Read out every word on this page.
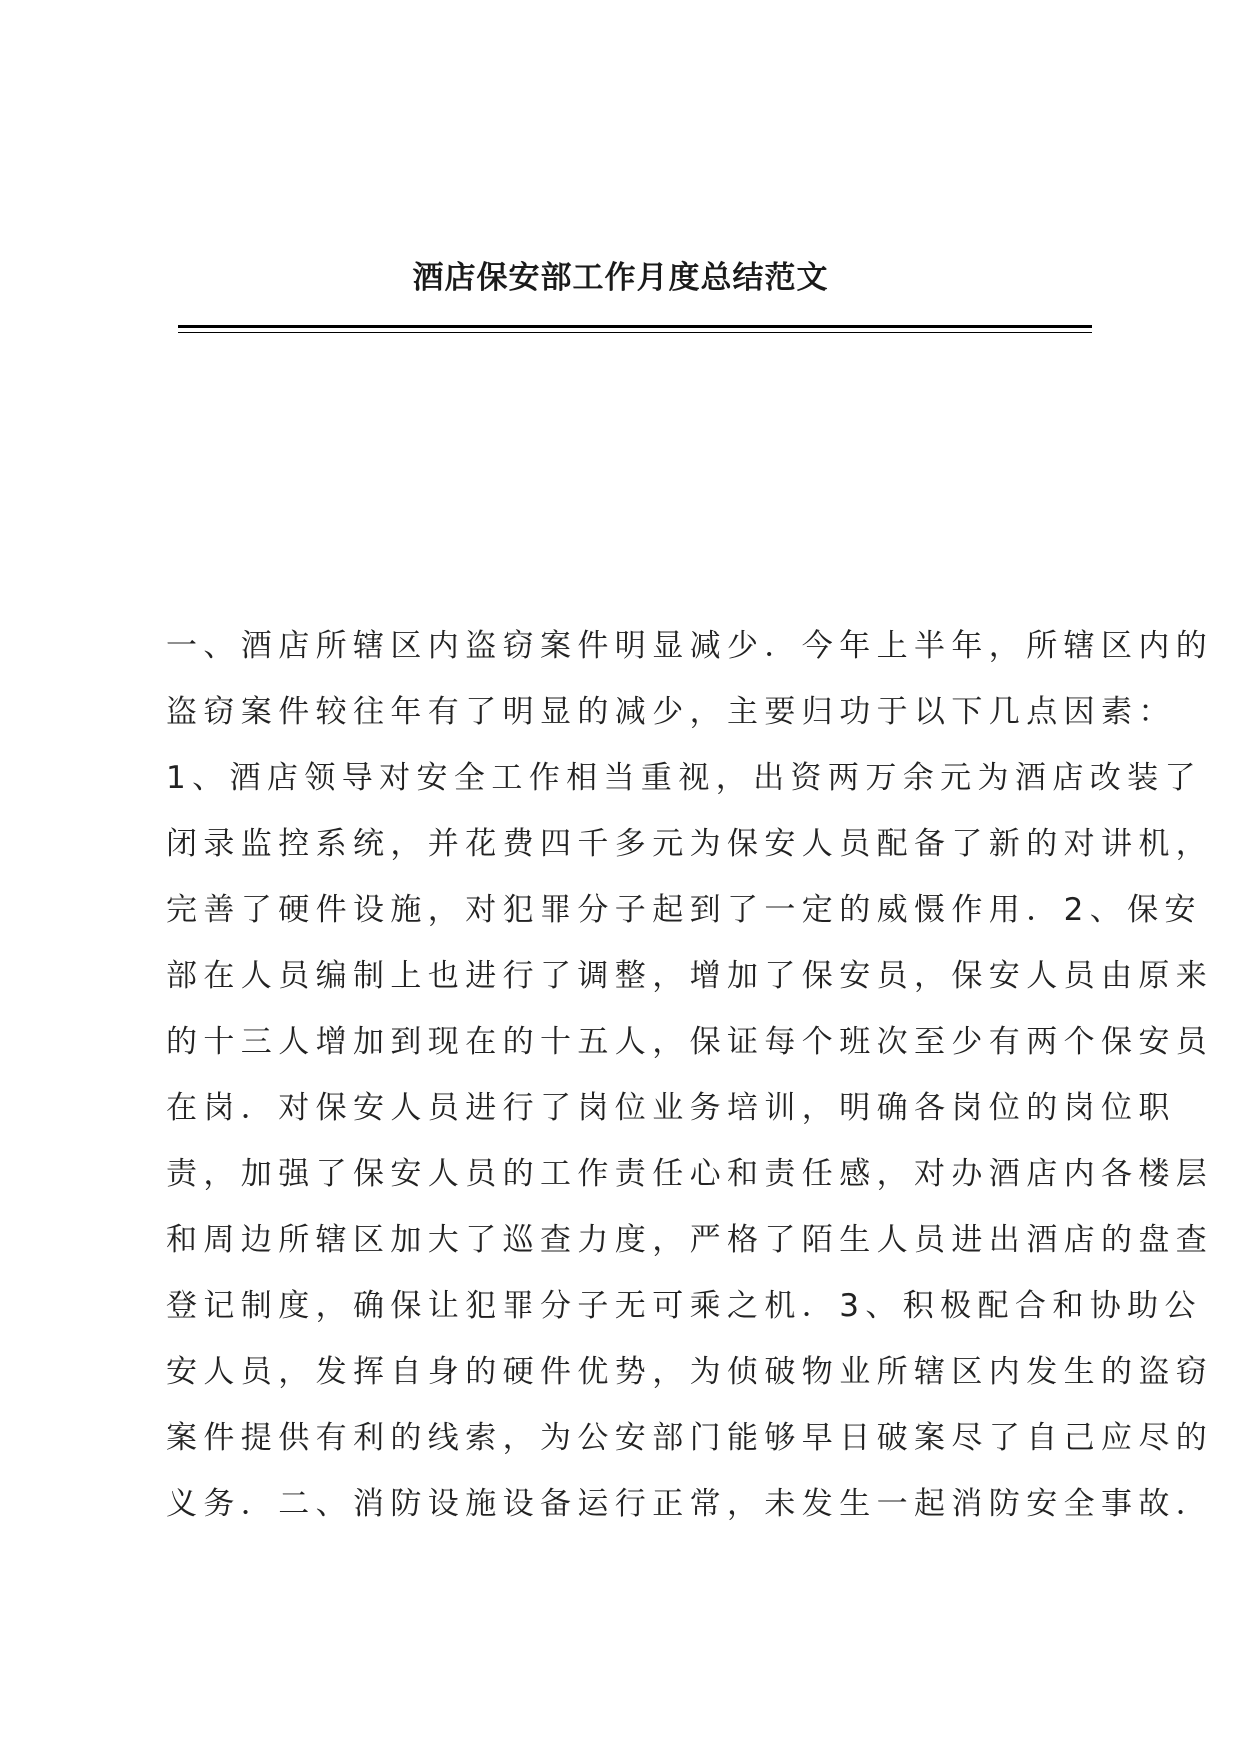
酒店保安部工作月度总结范文
一、酒店所辖区内盗窃案件明显减少．今年上半年，所辖区内的
盗窃案件较往年有了明显的减少，主要归功于以下几点因素：
1、酒店领导对安全工作相当重视，出资两万余元为酒店改装了
闭录监控系统，并花费四千多元为保安人员配备了新的对讲机，
完善了硬件设施，对犯罪分子起到了一定的威慑作用．2、保安
部在人员编制上也进行了调整，增加了保安员，保安人员由原来
的十三人增加到现在的十五人，保证每个班次至少有两个保安员
在岗．对保安人员进行了岗位业务培训，明确各岗位的岗位职
责，加强了保安人员的工作责任心和责任感，对办酒店内各楼层
和周边所辖区加大了巡查力度，严格了陌生人员进出酒店的盘查
登记制度，确保让犯罪分子无可乘之机．3、积极配合和协助公
安人员，发挥自身的硬件优势，为侦破物业所辖区内发生的盗窃
案件提供有利的线索，为公安部门能够早日破案尽了自己应尽的
义务．二、消防设施设备运行正常，未发生一起消防安全事故．
